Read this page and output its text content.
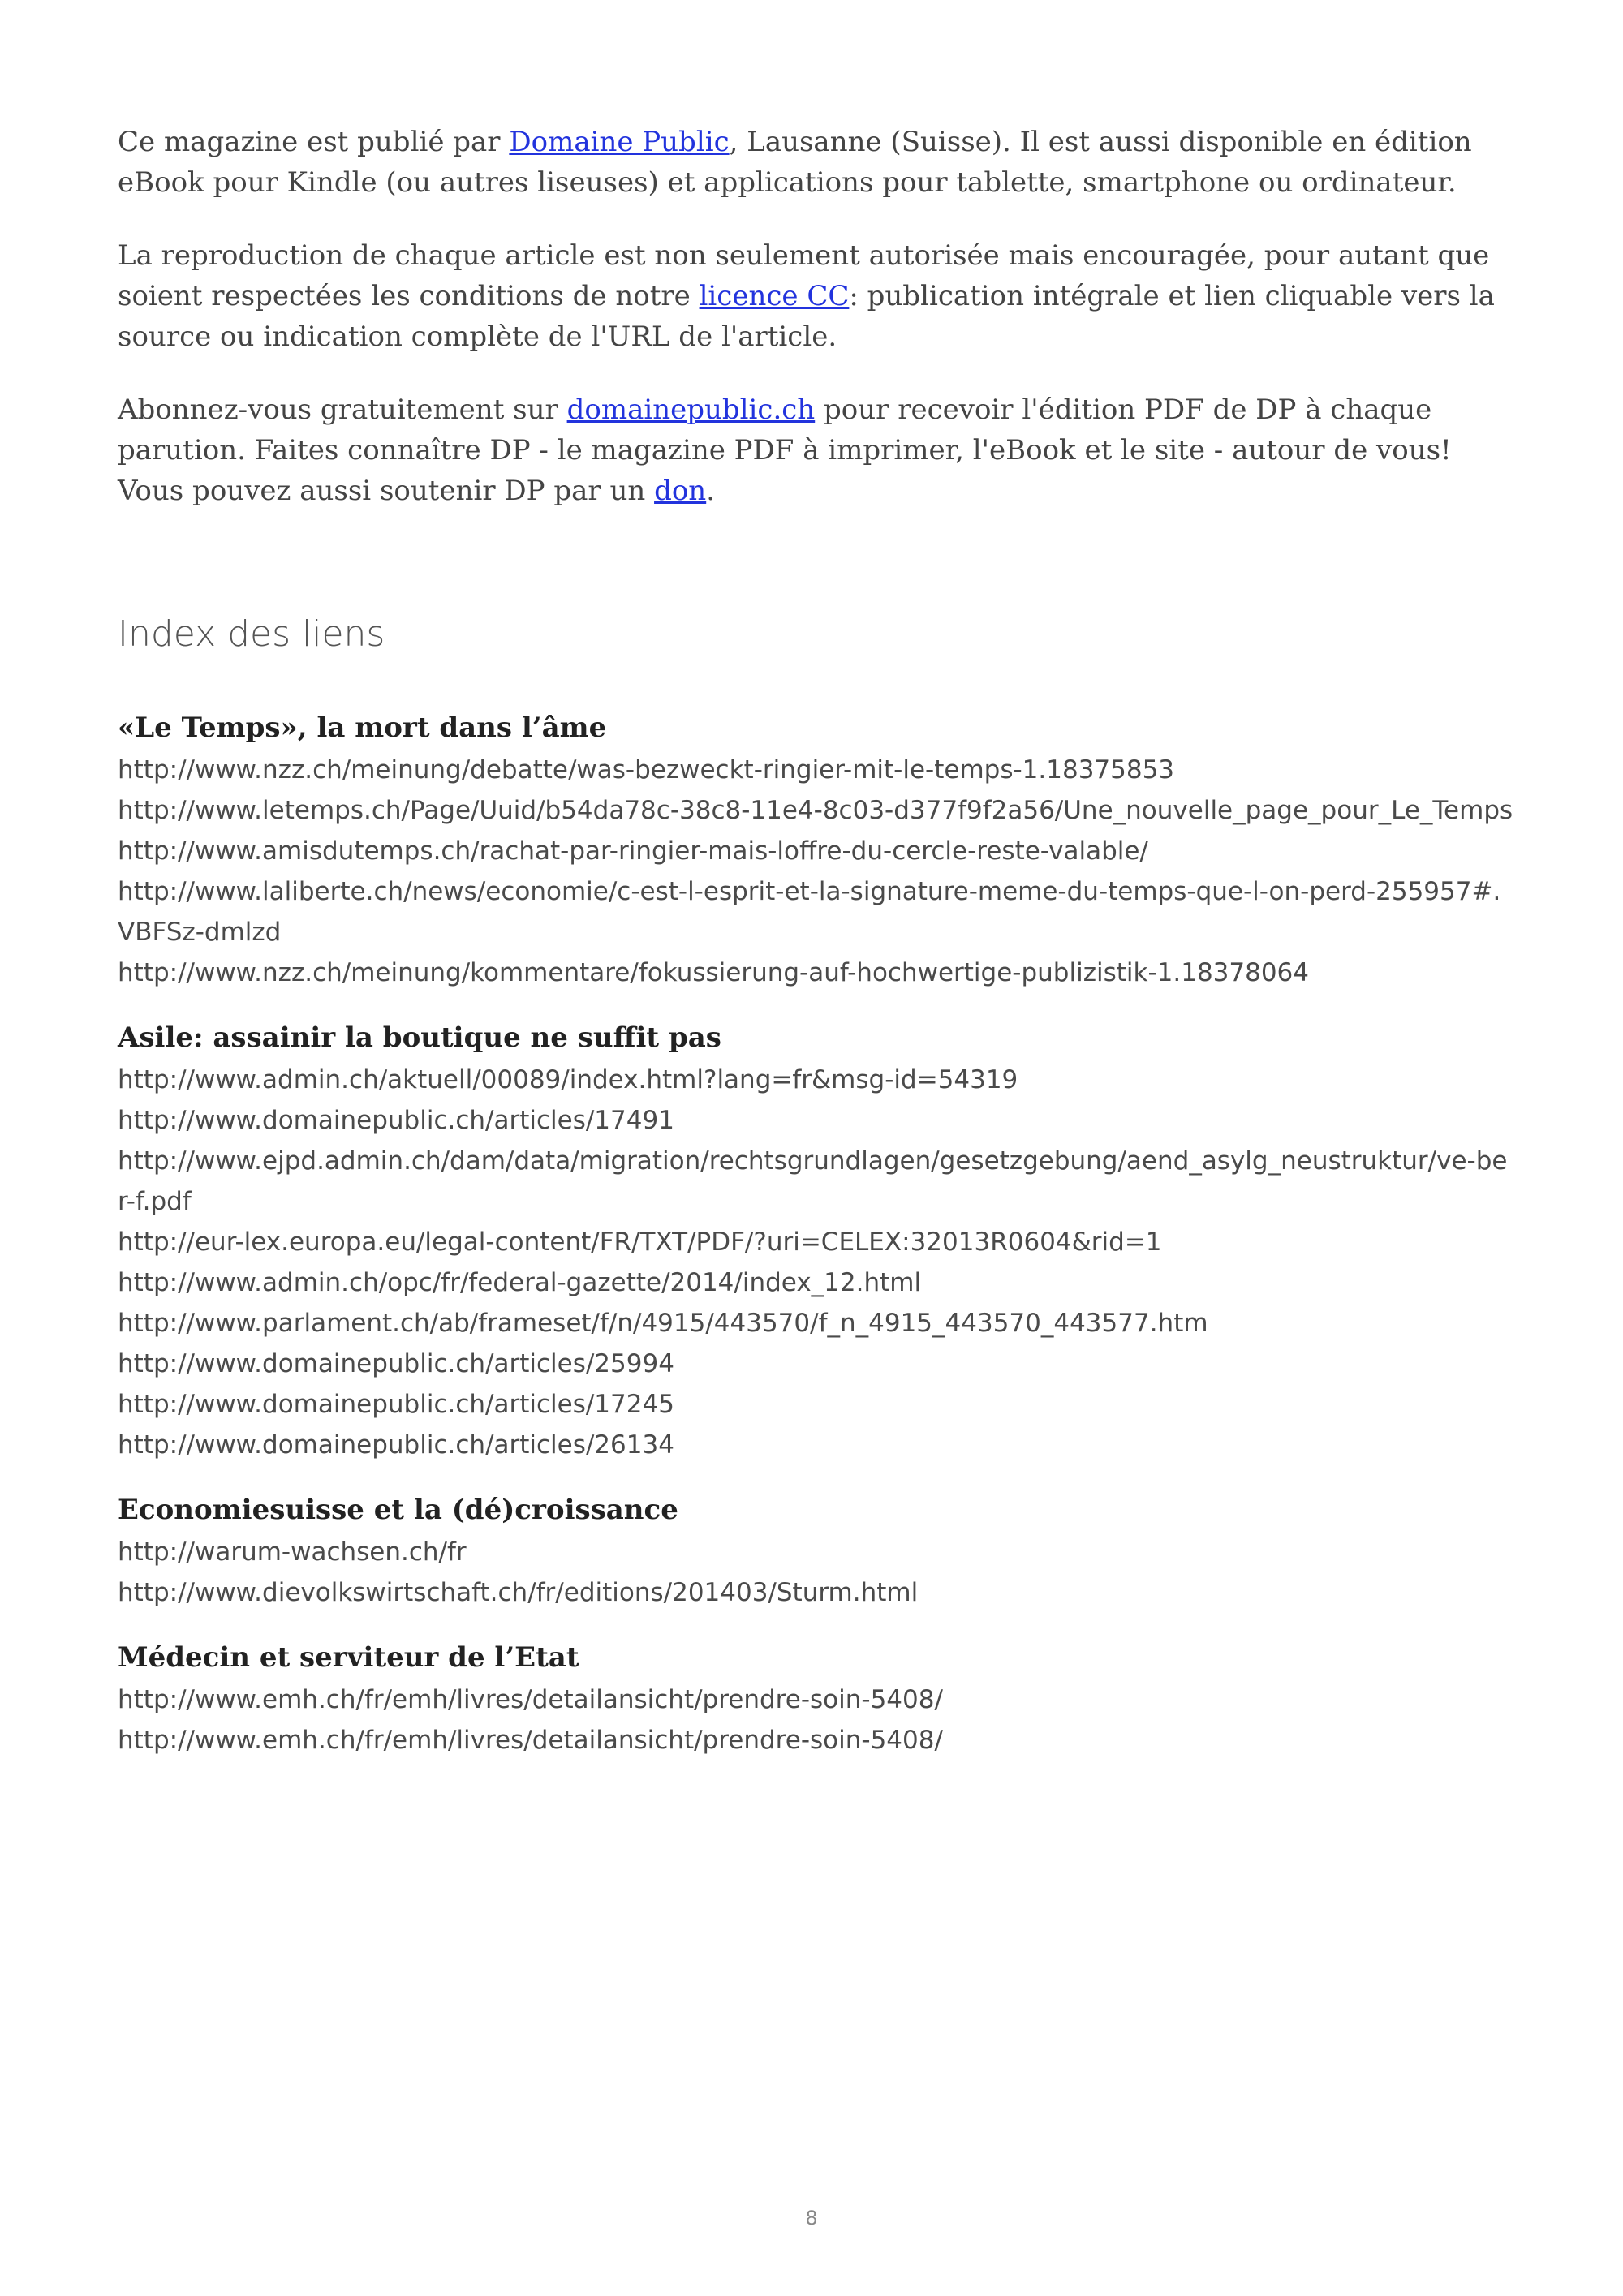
Ce magazine est publié par Domaine Public, Lausanne (Suisse). Il est aussi disponible en édition eBook pour Kindle (ou autres liseuses) et applications pour tablette, smartphone ou ordinateur.

La reproduction de chaque article est non seulement autorisée mais encouragée, pour autant que soient respectées les conditions de notre licence CC: publication intégrale et lien cliquable vers la source ou indication complète de l'URL de l'article.

Abonnez-vous gratuitement sur domainepublic.ch pour recevoir l'édition PDF de DP à chaque parution. Faites connaître DP - le magazine PDF à imprimer, l'eBook et le site - autour de vous! Vous pouvez aussi soutenir DP par un don.

Index des liens
«Le Temps», la mort dans l’âme
http://www.nzz.ch/meinung/debatte/was-bezweckt-ringier-mit-le-temps-1.18375853
http://www.letemps.ch/Page/Uuid/b54da78c-38c8-11e4-8c03-d377f9f2a56/Une_nouvelle_page_pour_Le_Temps
http://www.amisdutemps.ch/rachat-par-ringier-mais-loffre-du-cercle-reste-valable/
http://www.laliberte.ch/news/economie/c-est-l-esprit-et-la-signature-meme-du-temps-que-l-on-perd-255957#.VBFSz-dmlzd
http://www.nzz.ch/meinung/kommentare/fokussierung-auf-hochwertige-publizistik-1.18378064
Asile: assainir la boutique ne suffit pas
http://www.admin.ch/aktuell/00089/index.html?lang=fr&msg-id=54319
http://www.domainepublic.ch/articles/17491
http://www.ejpd.admin.ch/dam/data/migration/rechtsgrundlagen/gesetzgebung/aend_asylg_neustruktur/ve-ber-f.pdf
http://eur-lex.europa.eu/legal-content/FR/TXT/PDF/?uri=CELEX:32013R0604&rid=1
http://www.admin.ch/opc/fr/federal-gazette/2014/index_12.html
http://www.parlament.ch/ab/frameset/f/n/4915/443570/f_n_4915_443570_443577.htm
http://www.domainepublic.ch/articles/25994
http://www.domainepublic.ch/articles/17245
http://www.domainepublic.ch/articles/26134
Economiesuisse et la (dé)croissance
http://warum-wachsen.ch/fr
http://www.dievolkswirtschaft.ch/fr/editions/201403/Sturm.html
Médecin et serviteur de l’Etat
http://www.emh.ch/fr/emh/livres/detailansicht/prendre-soin-5408/
http://www.emh.ch/fr/emh/livres/detailansicht/prendre-soin-5408/
8
